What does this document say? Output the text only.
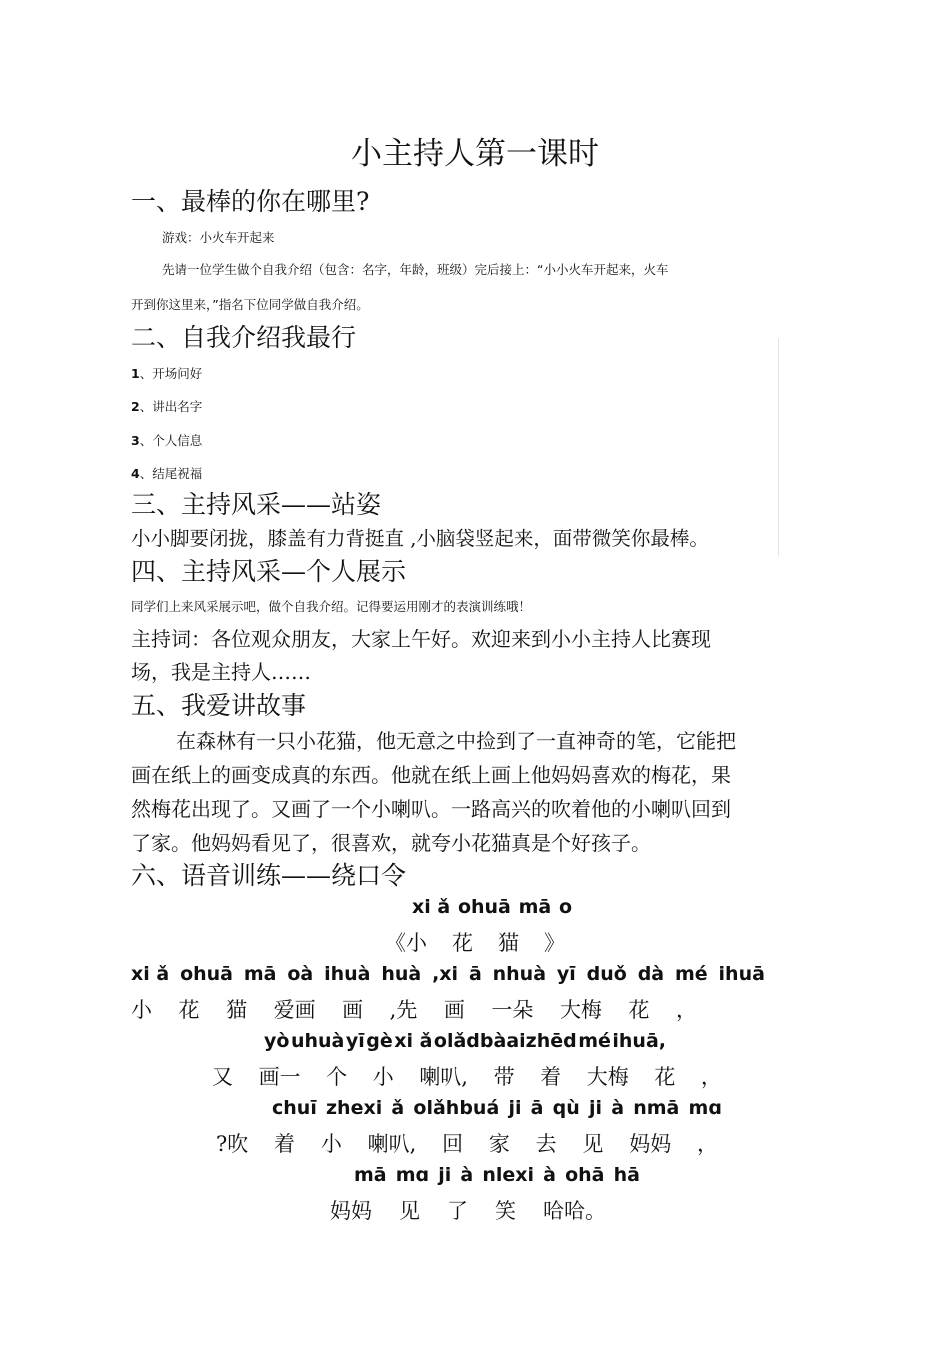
小主持人第一课时
一、最棒的你在哪里?
游戏：小火车开起来
先请一位学生做个自我介绍（包含：名字，年龄，班级）完后接上：“小小火车开起来，火车
开到你这里来，”指名下位同学做自我介绍。
二、自我介绍我最行
1、开场问好
2、讲出名字
3、个人信息
4、结尾祝福
三、主持风采——站姿
小小脚要闭拢，膝盖有力背挺直 ,小脑袋竖起来，面带微笑你最棒。
四、主持风采—个人展示
同学们上来风采展示吧，做个自我介绍。记得要运用刚才的表演训练哦！
主持词：各位观众朋友，大家上午好。欢迎来到小小主持人比赛现
场，我是主持人……
五、我爱讲故事
在森林有一只小花猫，他无意之中捡到了一直神奇的笔，它能把
画在纸上的画变成真的东西。他就在纸上画上他妈妈喜欢的梅花，果
然梅花出现了。又画了一个小喇叭。一路高兴的吹着他的小喇叭回到
了家。他妈妈看见了，很喜欢，就夸小花猫真是个好孩子。
六、语音训练——绕口令
xi ǎ ohuā mā o
《小 花 猫 》
xi ǎ ohuā mā oà ihuà huà ,xi ā nhuà yī duǒ dà mé ihuā
小 花 猫 爱画 画 ,先 画 一朵 大梅 花 ，
yò uhuà yī gè xi ǎ olǎdbàaizhēd mé ihuā,
又 画一 个 小 喇叭, 带 着 大梅 花 ，
chuī zhexi ǎ olǎhbuá ji ā qù ji à nmā mɑ
?吹 着 小 喇叭, 回 家 去 见 妈妈 ，
mā mɑ ji à nlexi à ohā hā
妈妈 见 了 笑 哈哈。
